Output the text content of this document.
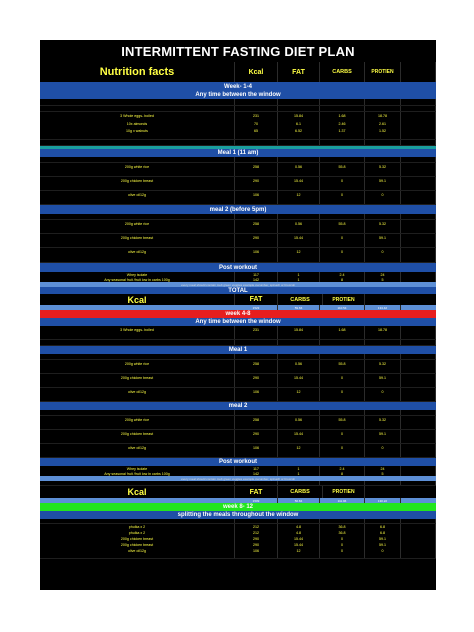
INTERMITTENT FASTING DIET PLAN
Nutrition facts	Kcal	FAT	CARBS	PROTIEN
Week- 1-4
Any time between the window
3 Whole eggs- boiled	231	15.84	1.68	18.78
10x almonds	70	6.1	2.46	2.61
10g x walnuts	65	6.52	1.37	1.52
Meal 1 (11 am)
200g white rice	258	0.56	55.8	5.32
200g chicken breast	290	15.44	0	59.1
olive oil12g	106	12	0	0
meal 2 (before 5pm)
200g white rice	258	0.56	55.8	5.32
200g chicken breast	290	15.44	0	59.1
olive oil12g	106	12	0	0
Post workout
Whey isolate	117	1	2.4	24
Any seasonal fruit /fruit low in carbs 100g	142	1	8	5
every meal should contain melt green veggies example cucumber, spinach or broccoli
TOTAL
Kcal	FAT	CARBS	PROTIEN
1523	59.66	110.54	134.42
week 4-8
Any time between the window
3 Whole eggs- boiled	231	15.84	1.68	18.78
Meal 1
200g white rice	258	0.56	55.8	5.32
200g chicken breast	290	15.44	0	59.1
olive oil12g	106	12	0	0
meal 2
200g white rice	258	0.56	55.8	5.32
200g chicken breast	290	15.44	0	59.1
olive oil12g	106	12	0	0
Post workout
Whey isolate	117	1	2.4	24
Any seasonal fruit /fruit low in carbs 100g	142	1	8	5
every meal should contain melt green veggies example cucumber, spinach or broccoli
Kcal	FAT	CARBS	PROTIEN
1509	56.84	111.96	130.22
week 8- 12
splitting the meals throughout the window
phulka x 2	212	4.8	36.8	6.8
phulka x 2	212	4.8	36.8	6.8
200g chicken breast	290	15.44	0	59.1
200g chicken breast	290	15.44	0	59.1
olive oil12g	106	12	0	0
